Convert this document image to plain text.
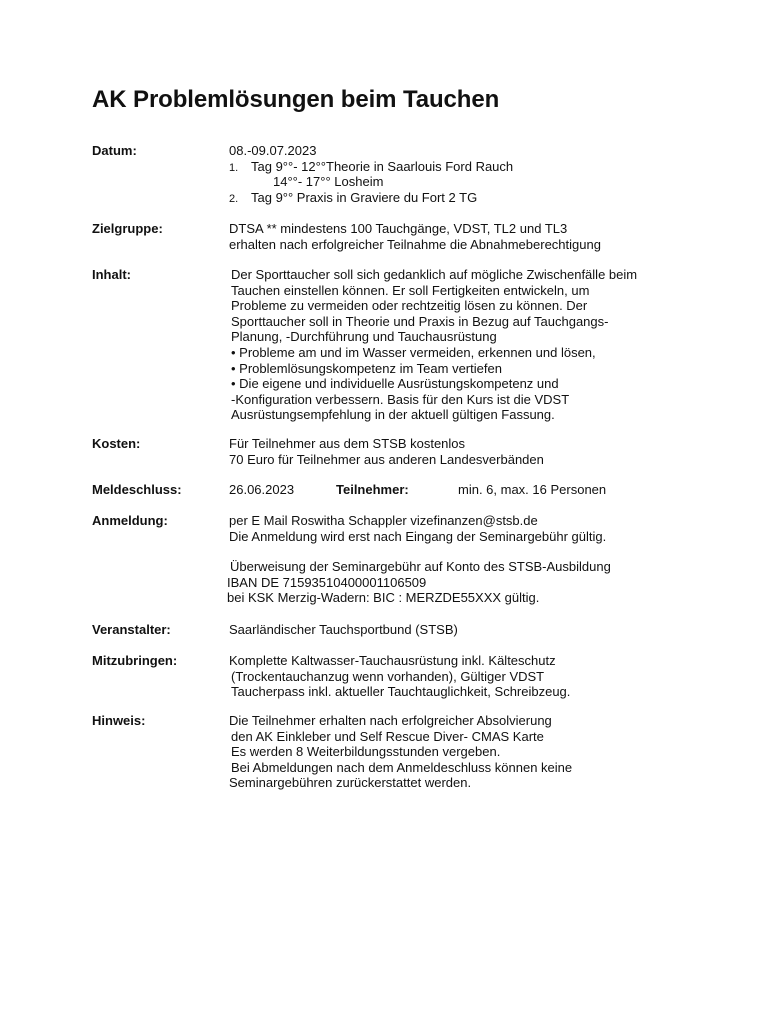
AK Problemlösungen beim Tauchen
Datum:	08.-09.07.2023
1. Tag 9°°- 12°°Theorie in Saarlouis Ford Rauch
14°°- 17°° Losheim
2. Tag 9°° Praxis in Graviere du Fort 2 TG
Zielgruppe:	DTSA ** mindestens 100 Tauchgänge, VDST, TL2 und TL3
erhalten nach erfolgreicher Teilnahme die Abnahmeberechtigung
Inhalt:	Der Sporttaucher soll sich gedanklich auf mögliche Zwischenfälle beim
Tauchen einstellen können. Er soll Fertigkeiten entwickeln, um
Probleme zu vermeiden oder rechtzeitig lösen zu können. Der
Sporttaucher soll in Theorie und Praxis in Bezug auf Tauchgangs-
Planung, -Durchführung und Tauchausrüstung
• Probleme am und im Wasser vermeiden, erkennen und lösen,
• Problemlösungskompetenz im Team vertiefen
• Die eigene und individuelle Ausrüstungskompetenz und
-Konfiguration verbessern. Basis für den Kurs ist die VDST
Ausrüstungsempfehlung in der aktuell gültigen Fassung.
Kosten:	Für Teilnehmer aus dem STSB kostenlos
70 Euro für Teilnehmer aus anderen Landesverbänden
Meldeschluss:	26.06.2023	Teilnehmer:	min. 6, max. 16 Personen
Anmeldung:	per E Mail Roswitha Schappler vizefinanzen@stsb.de
Die Anmeldung wird erst nach Eingang der Seminargebühr gültig.
Überweisung der Seminargebühr auf Konto des STSB-Ausbildung
IBAN DE 71593510400001106509
bei KSK Merzig-Wadern: BIC : MERZDE55XXX gültig.
Veranstalter:	Saarländischer Tauchsportbund (STSB)
Mitzubringen:	Komplette Kaltwasser-Tauchausrüstung inkl. Kälteschutz
(Trockentauchanzug wenn vorhanden), Gültiger VDST
Taucherpass inkl. aktueller Tauchtauglichkeit, Schreibzeug.
Hinweis:	Die Teilnehmer erhalten nach erfolgreicher Absolvierung
den AK Einkleber und Self Rescue Diver- CMAS Karte
Es werden 8 Weiterbildungsstunden vergeben.
Bei Abmeldungen nach dem Anmeldeschluss können keine
Seminargebühren zurückerstattet werden.
